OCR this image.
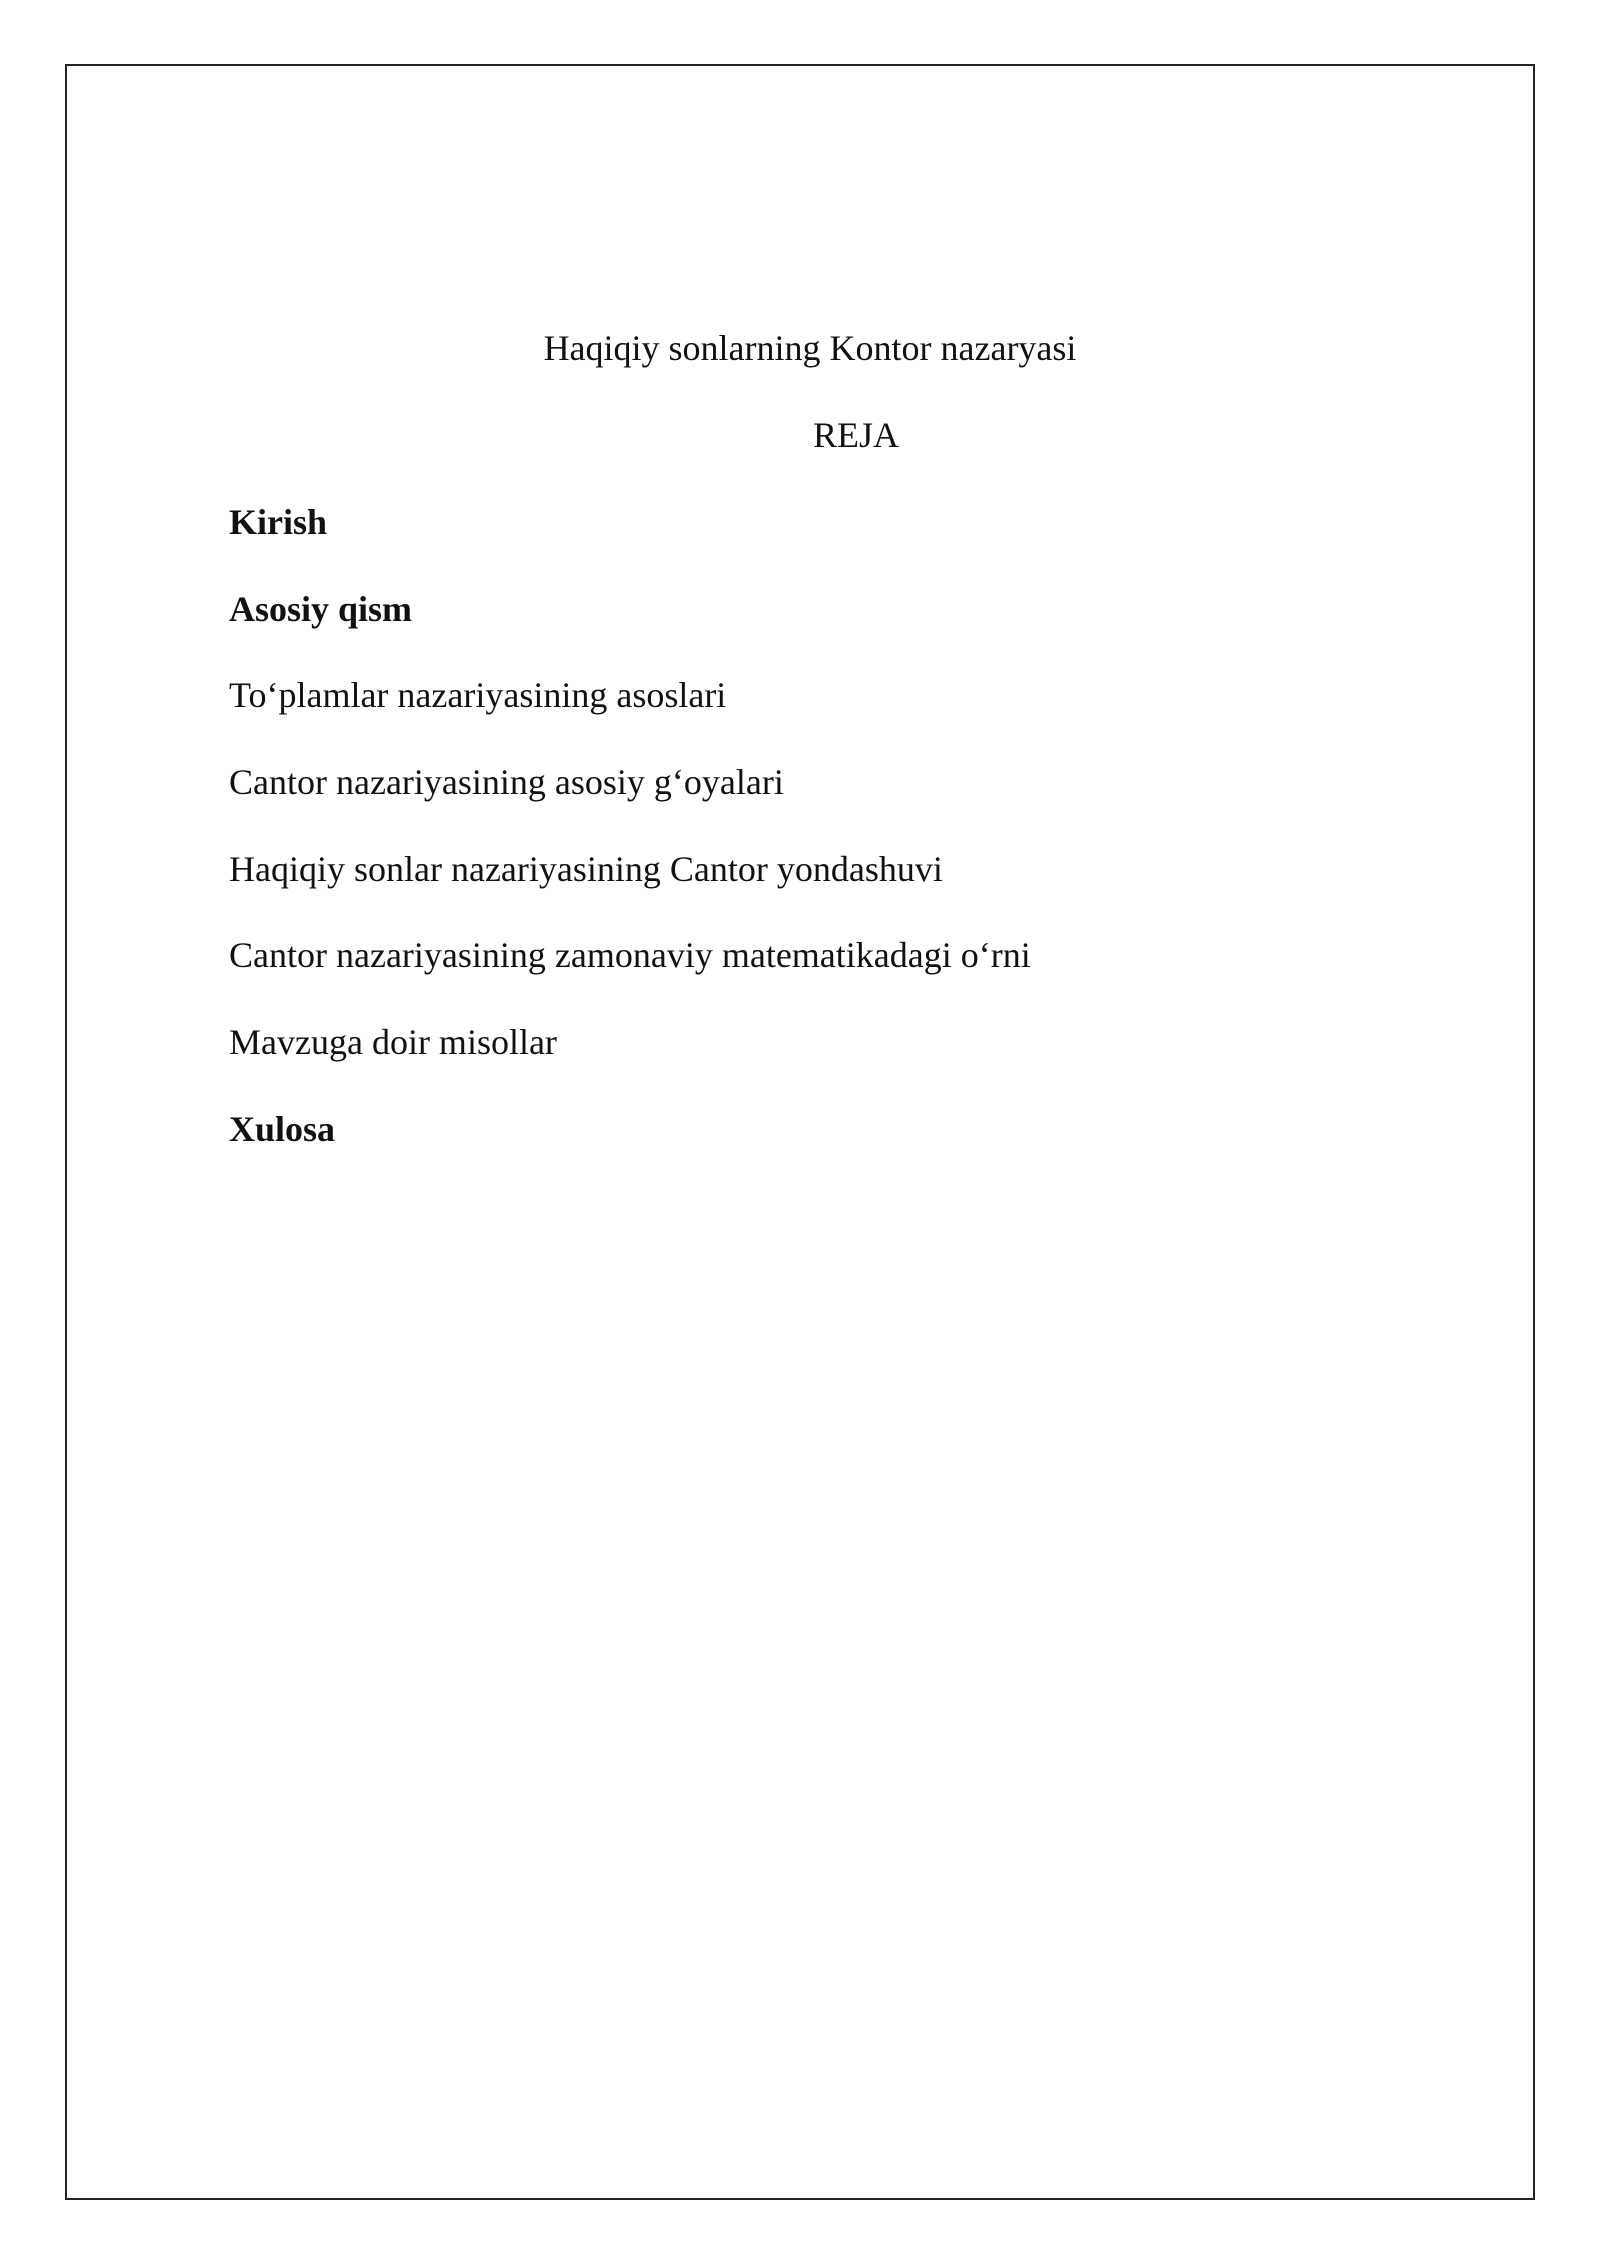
Haqiqiy sonlarning Kontor nazaryasi
REJA
Kirish
Asosiy qism
To‘plamlar nazariyasining asoslari
Cantor nazariyasining asosiy g‘oyalari
Haqiqiy sonlar nazariyasining Cantor yondashuvi
Cantor nazariyasining zamonaviy matematikadagi o‘rni
Mavzuga doir misollar
Xulosa
